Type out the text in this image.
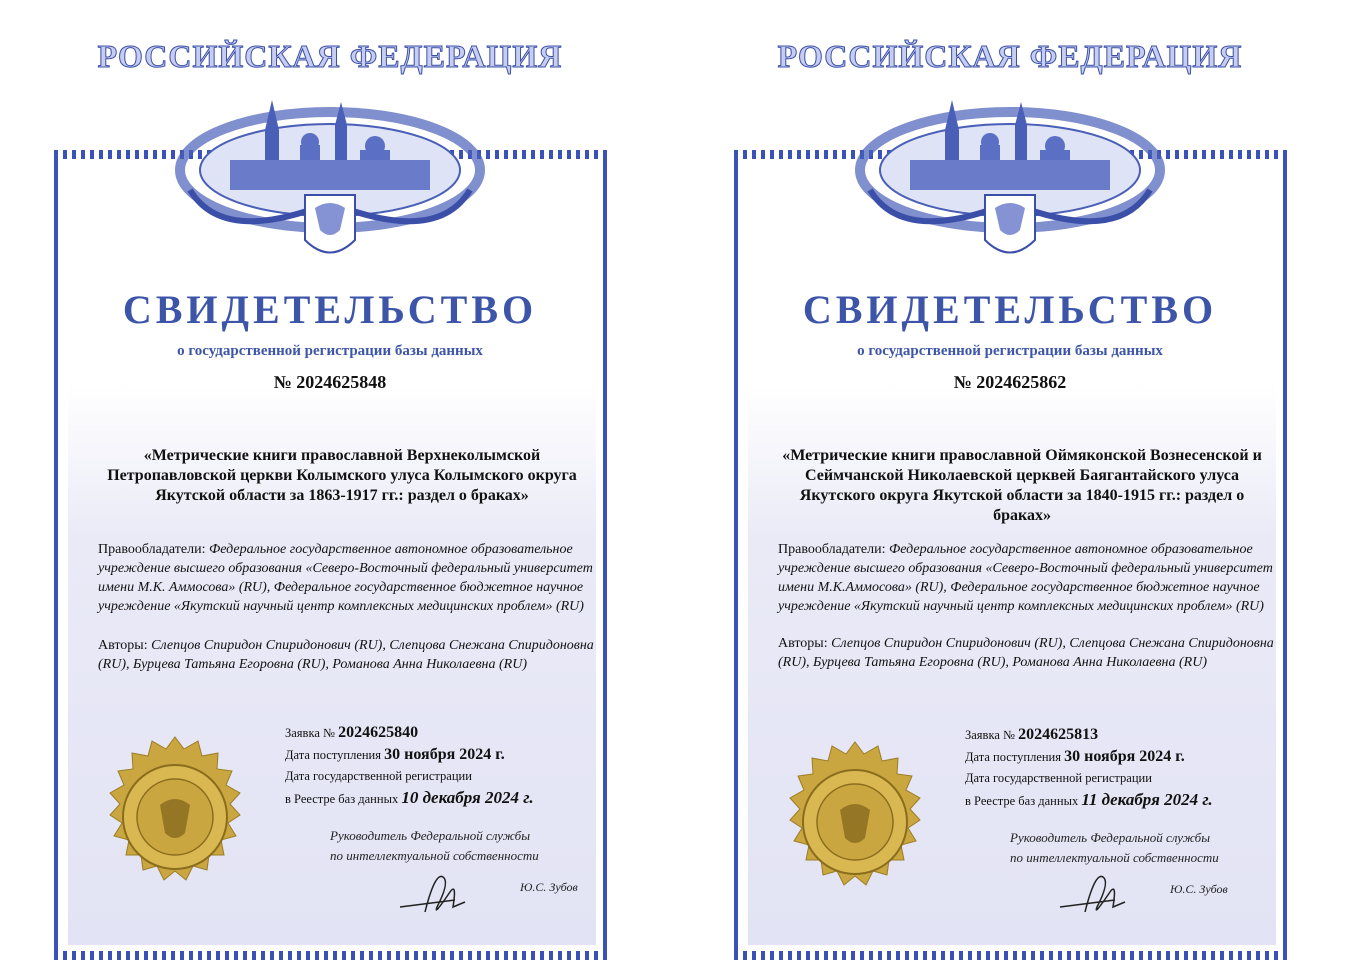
РОССИЙСКАЯ ФЕДЕРАЦИЯ
СВИДЕТЕЛЬСТВО
о государственной регистрации базы данных
№ 2024625848
«Метрические книги православной Верхнеколымской Петропавловской церкви Колымского улуса Колымского округа Якутской области за 1863-1917 гг.: раздел о браках»
Правообладатели: Федеральное государственное автономное образовательное учреждение высшего образования «Северо-Восточный федеральный университет имени М.К. Аммосова» (RU), Федеральное государственное бюджетное научное учреждение «Якутский научный центр комплексных медицинских проблем» (RU)
Авторы: Слепцов Спиридон Спиридонович (RU), Слепцова Снежана Спиридоновна (RU), Бурцева Татьяна Егоровна (RU), Романова Анна Николаевна (RU)
Заявка № 2024625840
Дата поступления 30 ноября 2024 г.
Дата государственной регистрации
в Реестре баз данных 10 декабря 2024 г.
Руководитель Федеральной службы
по интеллектуальной собственности
Ю.С. Зубов
РОССИЙСКАЯ ФЕДЕРАЦИЯ
СВИДЕТЕЛЬСТВО
о государственной регистрации базы данных
№ 2024625862
«Метрические книги православной Оймяконской Вознесенской и Сеймчанской Николаевской церквей Баягантайского улуса Якутского округа Якутской области за 1840-1915 гг.: раздел о браках»
Правообладатели: Федеральное государственное автономное образовательное учреждение высшего образования «Северо-Восточный федеральный университет имени М.К.Аммосова» (RU), Федеральное государственное бюджетное научное учреждение «Якутский научный центр комплексных медицинских проблем» (RU)
Авторы: Слепцов Спиридон Спиридонович (RU), Слепцова Снежана Спиридоновна (RU), Бурцева Татьяна Егоровна (RU), Романова Анна Николаевна (RU)
Заявка № 2024625813
Дата поступления 30 ноября 2024 г.
Дата государственной регистрации
в Реестре баз данных 11 декабря 2024 г.
Руководитель Федеральной службы
по интеллектуальной собственности
Ю.С. Зубов
